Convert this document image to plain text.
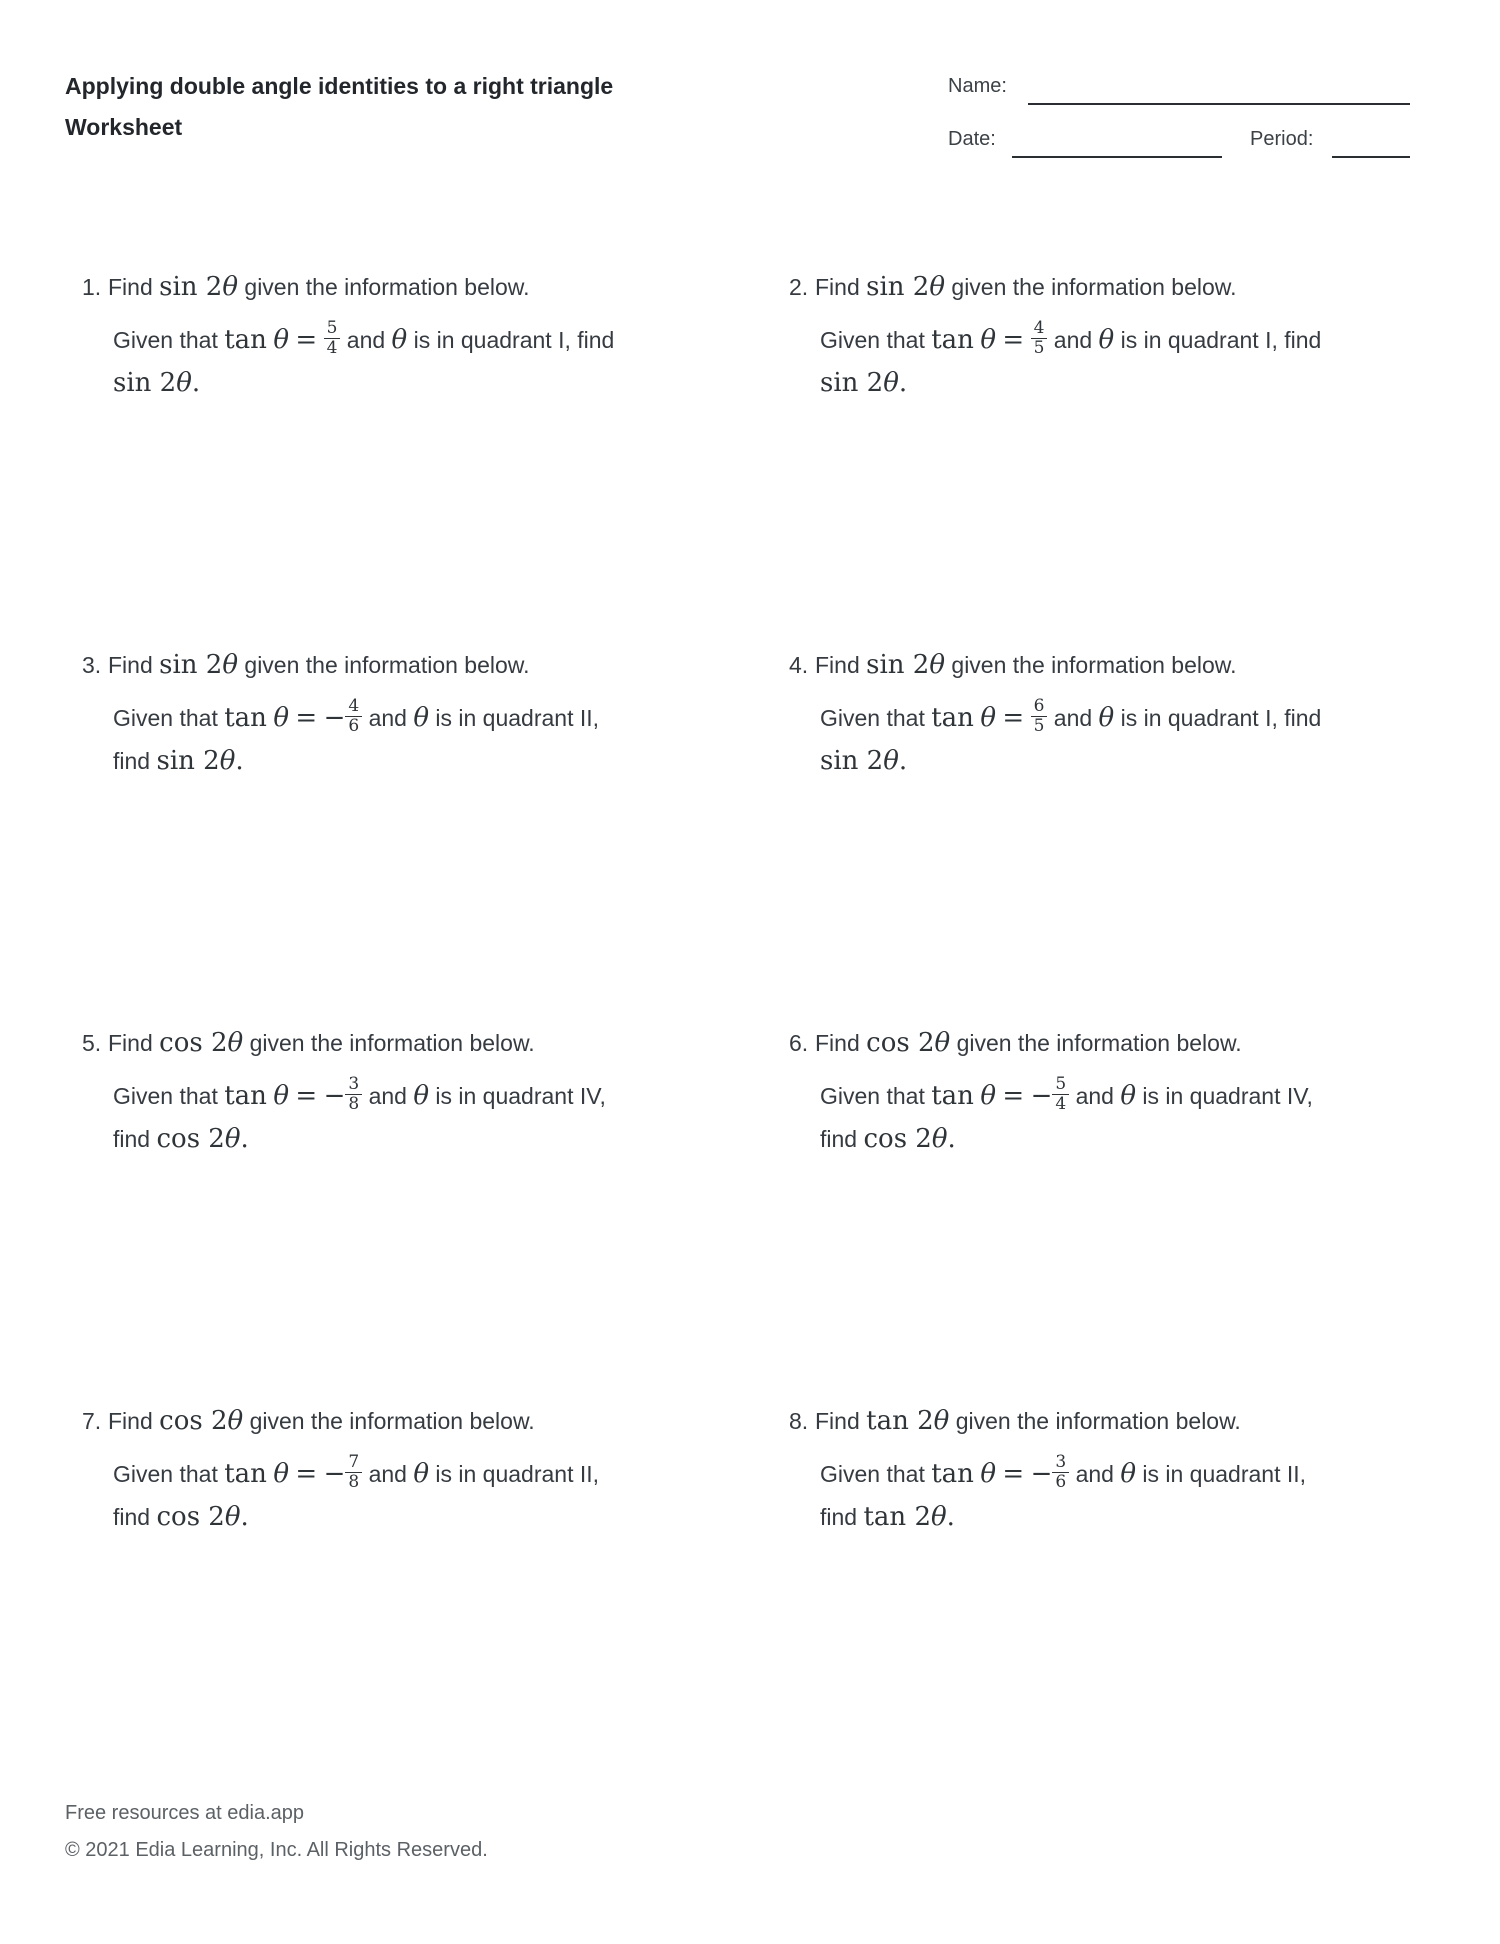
Applying double angle identities to a right triangle
Worksheet
Name:
Date:	Period:
1. Find sin 2θ given the information below.
Given that $\tan \theta = \frac{5}{4}$ and θ is in quadrant I, find
sin 2θ.
2. Find sin 2θ given the information below.
Given that $\tan \theta = \frac{4}{5}$ and θ is in quadrant I, find
sin 2θ.
3. Find sin 2θ given the information below.
Given that tan θ = − $\frac{4}{6}$ and θ is in quadrant II,
find sin 2θ.
4. Find sin 2θ given the information below.
Given that $\tan \theta = \frac{6}{5}$ and θ is in quadrant I, find
sin 2θ.
5. Find cos 2θ given the information below.
Given that tan θ = − $\frac{3}{8}$ and θ is in quadrant IV,
find cos 2θ.
6. Find cos 2θ given the information below.
Given that tan θ = − $\frac{5}{4}$ and θ is in quadrant IV,
find cos 2θ.
7. Find cos 2θ given the information below.
Given that tan θ = − $\frac{7}{8}$ and θ is in quadrant II,
find cos 2θ.
8. Find tan 2θ given the information below.
Given that tan θ = − $\frac{3}{6}$ and θ is in quadrant II,
find tan 2θ.
Free resources at edia.app
© 2021 Edia Learning, Inc. All Rights Reserved.
